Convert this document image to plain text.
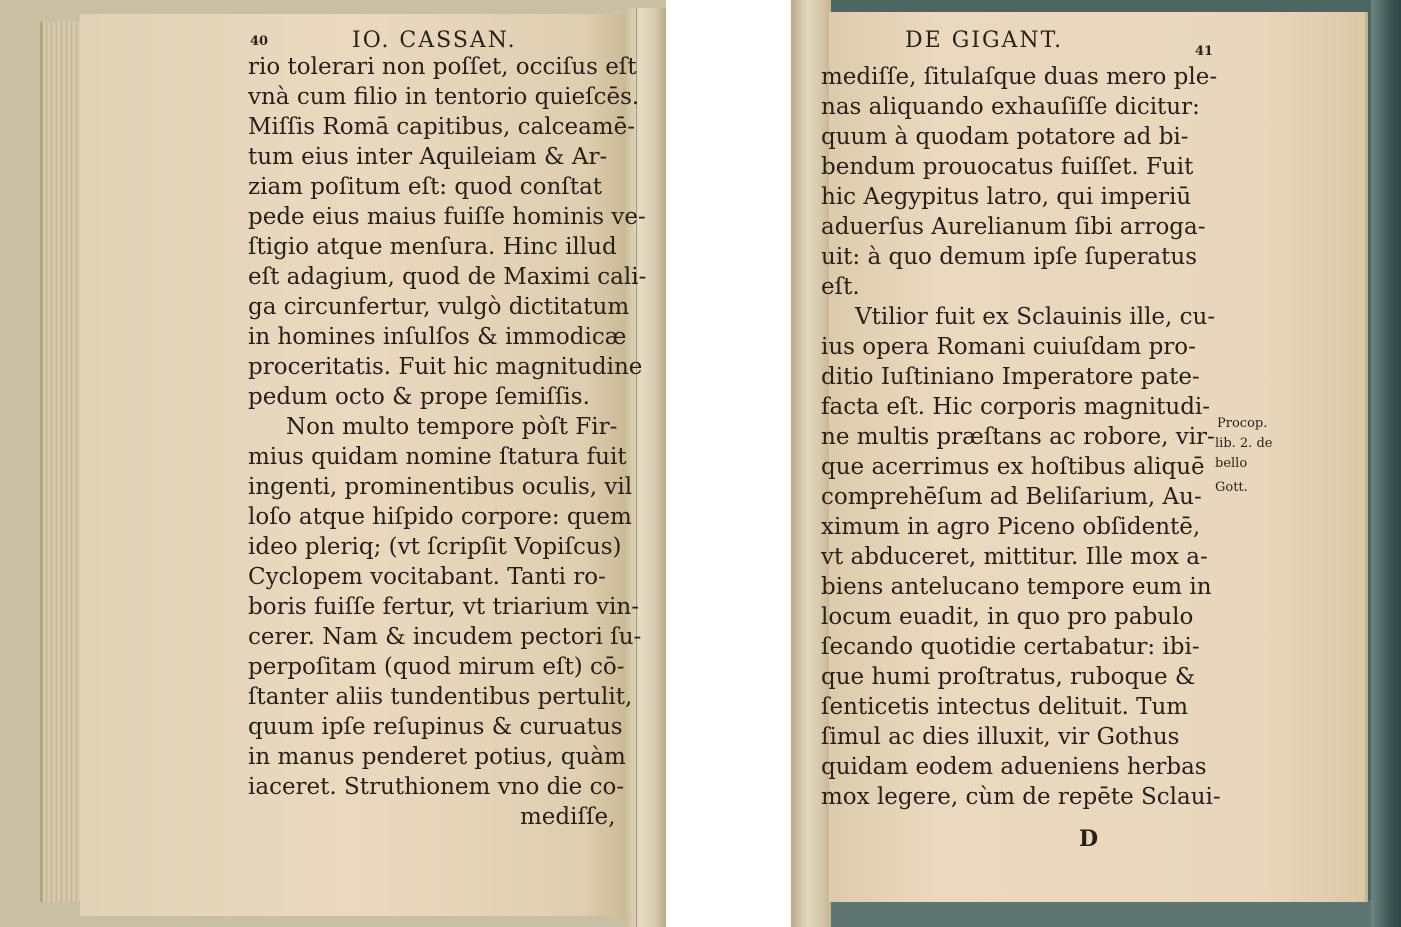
40	IO. CASSAN.
rio tolerari non poſſet, occiſus eſt
vnà cum filio in tentorio quieſcēs.
Miſſis Romā capitibus, calceamē-
tum eius inter Aquileiam & Ar-
ziam poſitum eſt: quod conſtat
pede eius maius fuiſſe hominis ve-
ſtigio atque menſura. Hinc illud
eſt adagium, quod de Maximi cali-
ga circunfertur, vulgò dictitatum
in homines inſulſos & immodicæ
proceritatis. Fuit hic magnitudine
pedum octo & prope ſemiſſis.
Non multo tempore pòſt Fir-
mius quidam nomine ſtatura fuit
ingenti, prominentibus oculis, vil
loſo atque hiſpido corpore: quem
ideo pleriq; (vt ſcripſit Vopiſcus)
Cyclopem vocitabant. Tanti ro-
boris fuiſſe fertur, vt triarium vin-
cerer. Nam & incudem pectori ſu-
perpoſitam (quod mirum eſt) cō-
ſtanter aliis tundentibus pertulit,
quum ipſe reſupinus & curuatus
in manus penderet potius, quàm
iaceret. Struthionem vno die co-
mediſſe,
DE GIGANT.	41
mediſſe, ſitulaſque duas mero ple-
nas aliquando exhauſiſſe dicitur:
quum à quodam potatore ad bi-
bendum prouocatus fuiſſet. Fuit
hic Aegypitus latro, qui imperiū
aduerſus Aurelianum ſibi arroga-
uit: à quo demum ipſe ſuperatus
eſt.
Vtilior fuit ex Sclauinis ille, cu-
ius opera Romani cuiuſdam pro-
ditio Iuſtiniano Imperatore pate-
facta eſt. Hic corporis magnitudi-
ne multis præſtans ac robore, vir-
que acerrimus ex hoſtibus aliquē
comprehēſum ad Beliſarium, Au-
ximum in agro Piceno obſidentē,
vt abduceret, mittitur. Ille mox a-
biens antelucano tempore eum in
locum euadit, in quo pro pabulo
ſecando quotidie certabatur: ibi-
que humi proſtratus, ruboque &
ſenticetis intectus delituit. Tum
ſimul ac dies illuxit, vir Gothus
quidam eodem adueniens herbas
mox legere, cùm de repēte Sclaui-
Procop.
lib. 2. de
bello
Gott.
D
